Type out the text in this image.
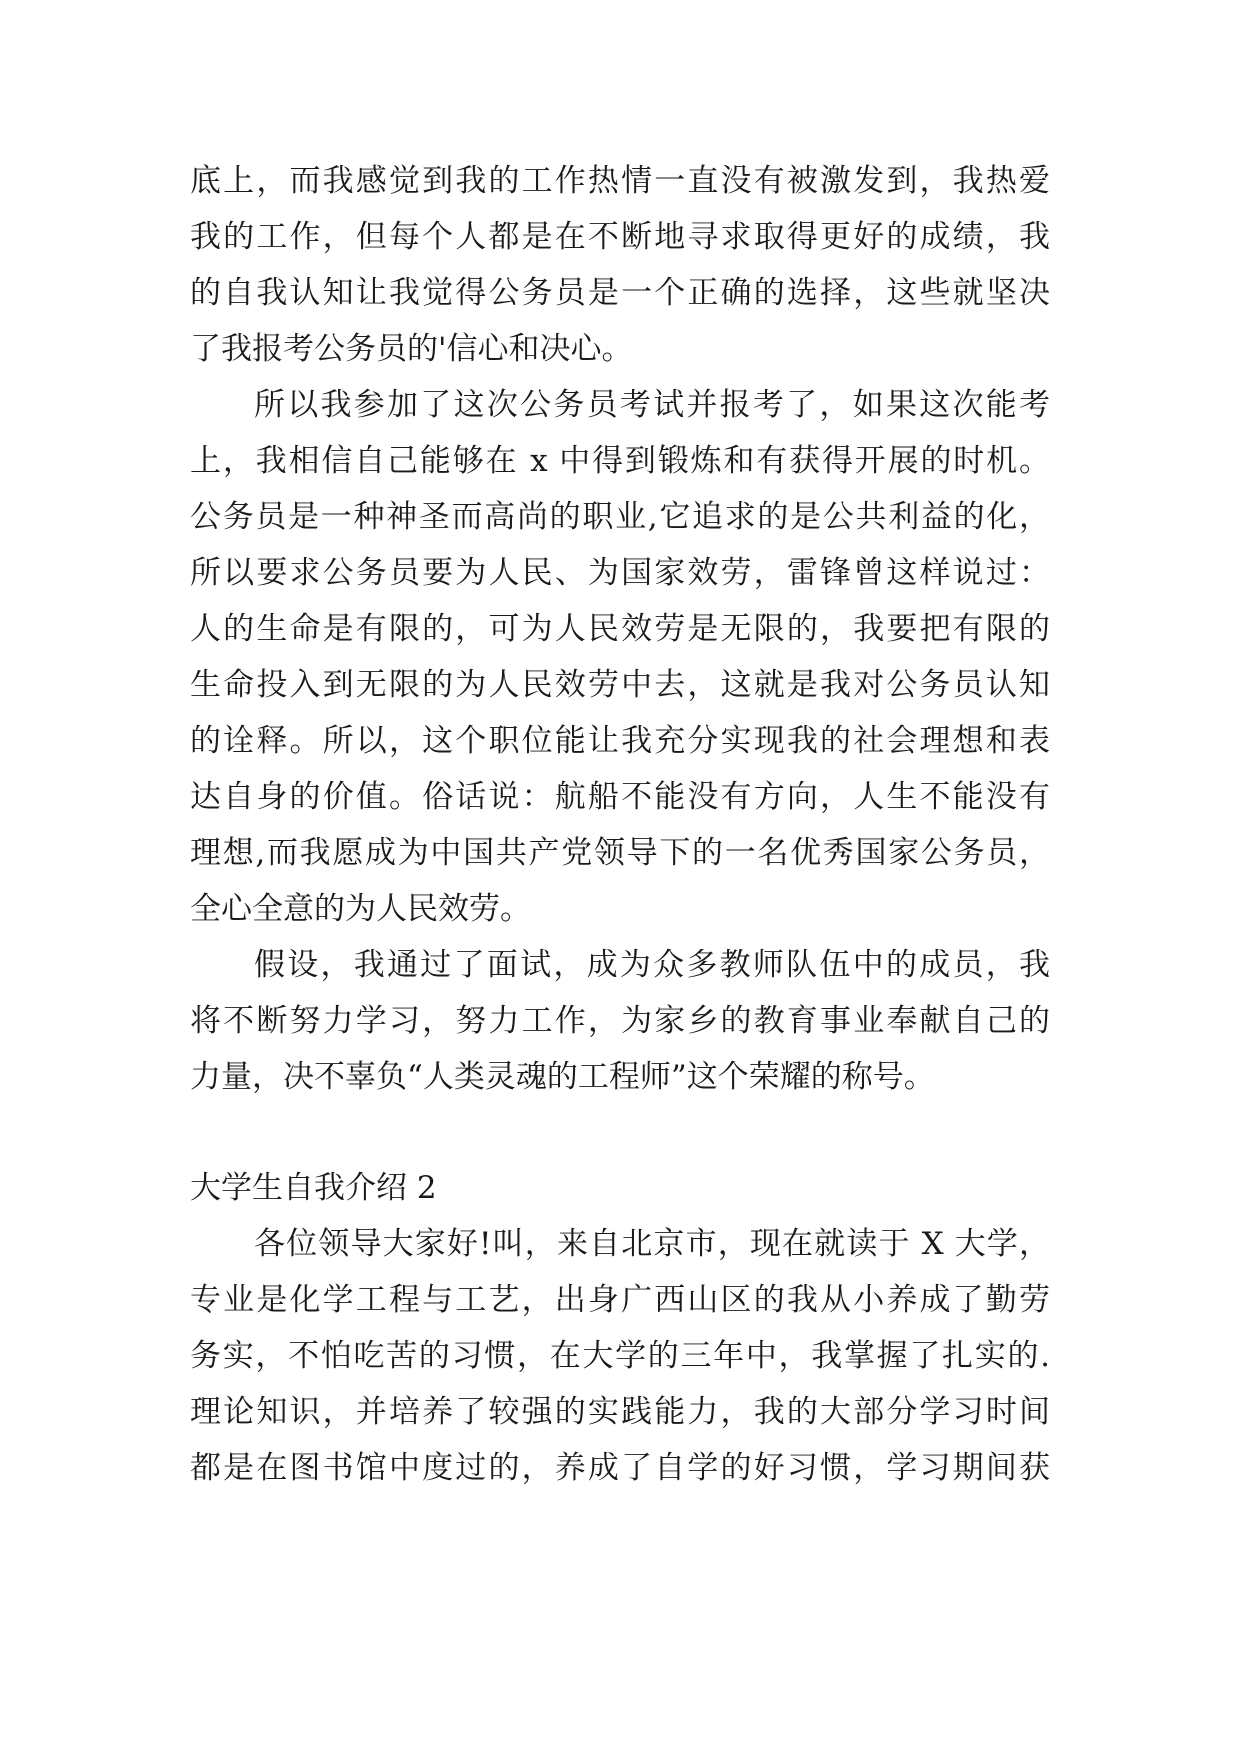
底上，而我感觉到我的工作热情一直没有被激发到，我热爱
我的工作，但每个人都是在不断地寻求取得更好的成绩，我
的自我认知让我觉得公务员是一个正确的选择，这些就坚决
了我报考公务员的'信心和决心。
所以我参加了这次公务员考试并报考了，如果这次能考
上，我相信自己能够在 x 中得到锻炼和有获得开展的时机。
公务员是一种神圣而高尚的职业,它追求的是公共利益的化，
所以要求公务员要为人民、为国家效劳，雷锋曾这样说过：
人的生命是有限的，可为人民效劳是无限的，我要把有限的
生命投入到无限的为人民效劳中去，这就是我对公务员认知
的诠释。所以，这个职位能让我充分实现我的社会理想和表
达自身的价值。俗话说：航船不能没有方向，人生不能没有
理想,而我愿成为中国共产党领导下的一名优秀国家公务员，
全心全意的为人民效劳。
假设，我通过了面试，成为众多教师队伍中的成员，我
将不断努力学习，努力工作，为家乡的教育事业奉献自己的
力量，决不辜负“人类灵魂的工程师”这个荣耀的称号。
大学生自我介绍 2
各位领导大家好!叫，来自北京市，现在就读于 X 大学，
专业是化学工程与工艺，出身广西山区的我从小养成了勤劳
务实，不怕吃苦的习惯，在大学的三年中，我掌握了扎实的.
理论知识，并培养了较强的实践能力，我的大部分学习时间
都是在图书馆中度过的，养成了自学的好习惯，学习期间获
